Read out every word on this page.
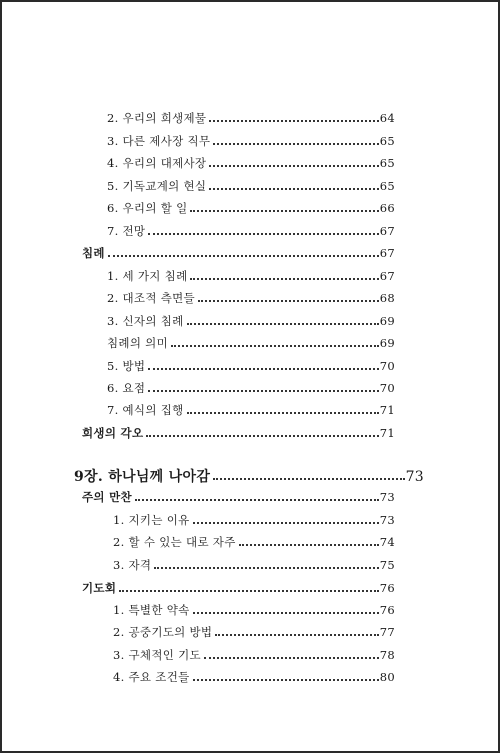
2. 우리의 희생제물	64
3. 다른 제사장 직무	65
4. 우리의 대제사장	65
5. 기독교계의 현실	65
6. 우리의 할 일	66
7. 전망	67
침례	67
1. 세 가지 침례	67
2. 대조적 측면들	68
3. 신자의 침례	69
침례의 의미	69
5. 방법	70
6. 요점	70
7. 예식의 집행	71
희생의 각오	71
9장. 하나님께 나아감	73
주의 만찬	73
1. 지키는 이유	73
2. 할 수 있는 대로 자주	74
3. 자격	75
기도회	76
1. 특별한 약속	76
2. 공중기도의 방법	77
3. 구체적인 기도	78
4. 주요 조건들	80
